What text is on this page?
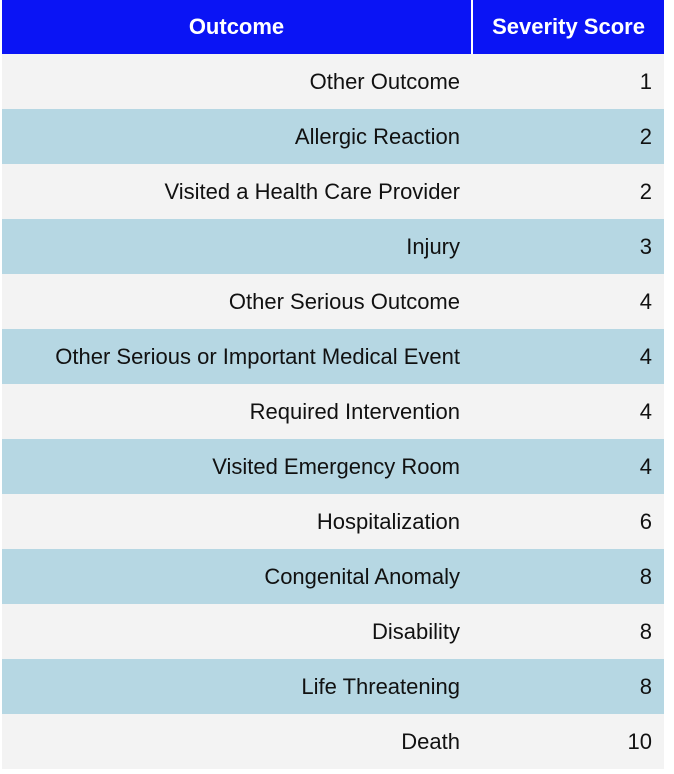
Outcome	Severity Score
Other Outcome	1
Allergic Reaction	2
Visited a Health Care Provider	2
Injury	3
Other Serious Outcome	4
Other Serious or Important Medical Event	4
Required Intervention	4
Visited Emergency Room	4
Hospitalization	6
Congenital Anomaly	8
Disability	8
Life Threatening	8
Death	10
